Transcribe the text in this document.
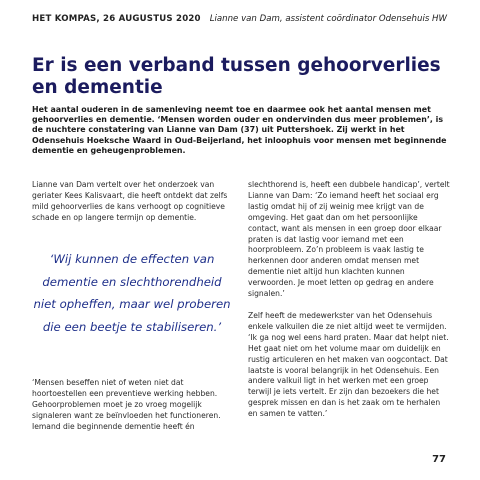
HET KOMPAS, 26 AUGUSTUS 2020 Lianne van Dam, assistent coördinator Odensehuis HW
Er is een verband tussen gehoorverlies
en dementie

Het aantal ouderen in de samenleving neemt toe en daarmee ook het aantal mensen met gehoorverlies en dementie. ‘Mensen worden ouder en ondervinden dus meer problemen’, is de nuchtere constatering van Lianne van Dam (37) uit Puttershoek. Zij werkt in het Odensehuis Hoeksche Waard in Oud-Beijerland, het inloophuis voor mensen met beginnende dementie en geheugenproblemen.

Lianne van Dam vertelt over het onderzoek van geriater Kees Kalisvaart, die heeft ontdekt dat zelfs mild gehoorverlies de kans verhoogt op cognitieve schade en op langere termijn op dementie.

‘Wij kunnen de effecten van dementie en slechthorendheid niet opheffen, maar wel proberen die een beetje te stabiliseren.’

‘Mensen beseffen niet of weten niet dat hoortoestellen een preventieve werking hebben. Gehoorproblemen moet je zo vroeg mogelijk signaleren want ze beïnvloeden het functioneren. Iemand die beginnende dementie heeft én

slechthorend is, heeft een dubbele handicap’, vertelt Lianne van Dam: ‘Zo iemand heeft het sociaal erg lastig omdat hij of zij weinig mee krijgt van de omgeving. Het gaat dan om het persoonlijke contact, want als mensen in een groep door elkaar praten is dat lastig voor iemand met een hoorprobleem. Zo’n probleem is vaak lastig te herkennen door anderen omdat mensen met dementie niet altijd hun klachten kunnen verwoorden. Je moet letten op gedrag en andere signalen.’

Zelf heeft de medewerkster van het Odensehuis enkele valkuilen die ze niet altijd weet te vermijden. ‘Ik ga nog wel eens hard praten. Maar dat helpt niet. Het gaat niet om het volume maar om duidelijk en rustig articuleren en het maken van oogcontact. Dat laatste is vooral belangrijk in het Odensehuis. Een andere valkuil ligt in het werken met een groep terwijl je iets vertelt. Er zijn dan bezoekers die het gesprek missen en dan is het zaak om te herhalen en samen te vatten.’

77
